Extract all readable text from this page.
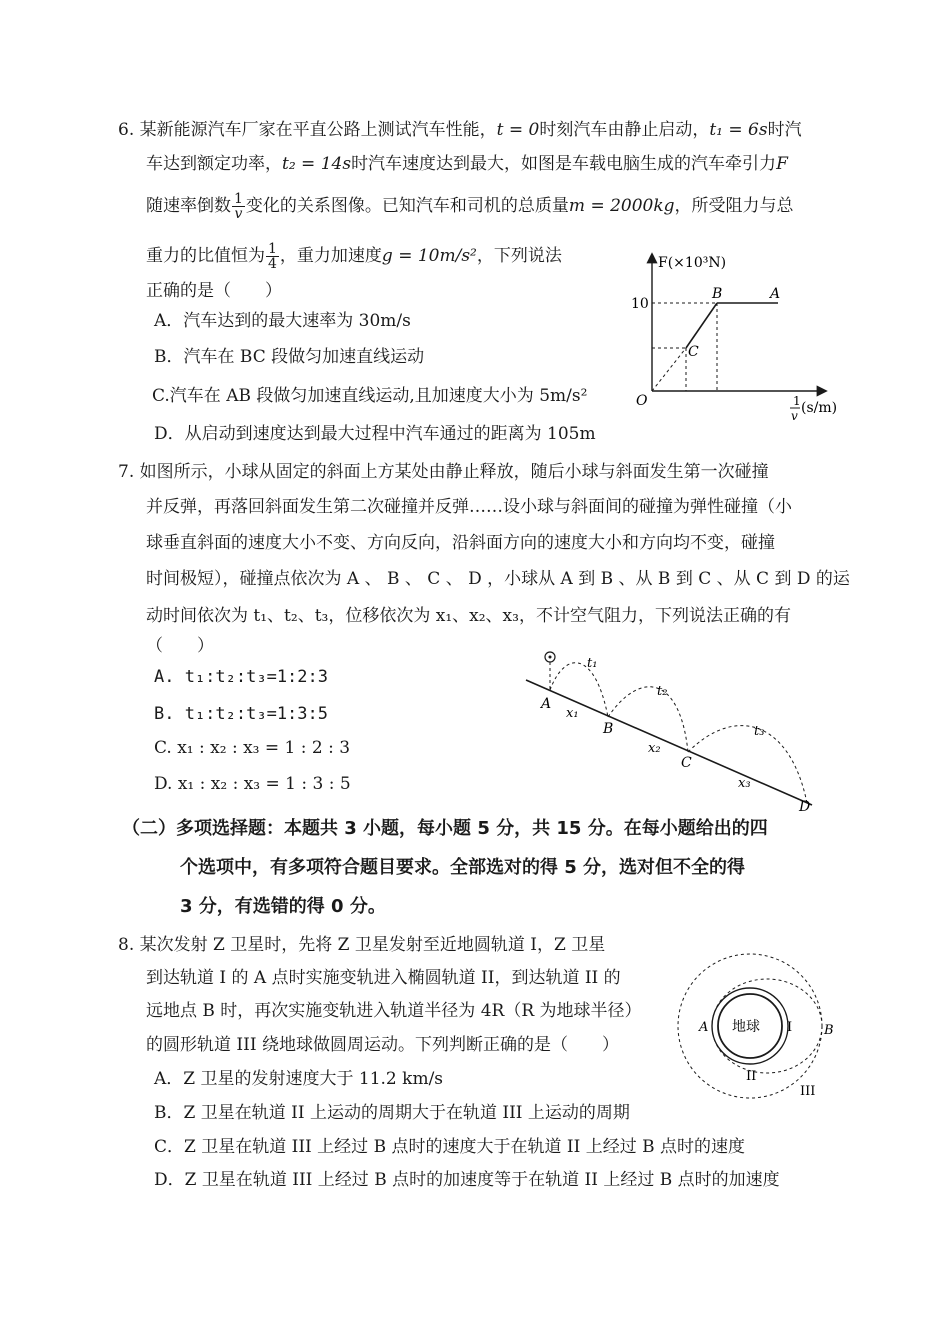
6. 某新能源汽车厂家在平直公路上测试汽车性能，t = 0时刻汽车由静止启动，t₁ = 6s时汽
车达到额定功率，t₂ = 14s时汽车速度达到最大，如图是车载电脑生成的汽车牵引力F
随速率倒数 $\frac{1}{v}$ 变化的关系图像。已知汽车和司机的总质量m = 2000kg，所受阻力与总
重力的比值恒为 $\frac{1}{4}$ ，重力加速度g = 10m/s²，下列说法
正确的是（　　）
A．汽车达到的最大速率为 30m/s
B．汽车在 BC 段做匀加速直线运动
C.汽车在 AB 段做匀加速直线运动,且加速度大小为 5m/s²
D．从启动到速度达到最大过程中汽车通过的距离为 105m
F(×10³N)
10
O
B	A
C
1
v (s/m)
7. 如图所示，小球从固定的斜面上方某处由静止释放，随后小球与斜面发生第一次碰撞
并反弹，再落回斜面发生第二次碰撞并反弹……设小球与斜面间的碰撞为弹性碰撞（小
球垂直斜面的速度大小不变、方向反向，沿斜面方向的速度大小和方向均不变，碰撞
时间极短），碰撞点依次为 A 、 B 、 C 、 D ，小球从 A 到 B 、从 B 到 C 、从 C 到 D 的运
动时间依次为 t₁、t₂、t₃，位移依次为 x₁、x₂、x₃，不计空气阻力，下列说法正确的有
（　　）
A. t₁:t₂:t₃=1:2:3
B. t₁:t₂:t₃=1:3:5
C. x₁ : x₂ : x₃ = 1 : 2 : 3
D. x₁ : x₂ : x₃ = 1 : 3 : 5
A
B
C
D
t₁
t₂
t₃
x₁
x₂
x₃
（二）多项选择题：本题共 3 小题，每小题 5 分，共 15 分。在每小题给出的四
个选项中，有多项符合题目要求。全部选对的得 5 分，选对但不全的得
3 分，有选错的得 0 分。
8. 某次发射 Z 卫星时，先将 Z 卫星发射至近地圆轨道 I，Z 卫星
到达轨道 I 的 A 点时实施变轨进入椭圆轨道 II，到达轨道 II 的
远地点 B 时，再次实施变轨进入轨道半径为 4R（R 为地球半径）
的圆形轨道 III 绕地球做圆周运动。下列判断正确的是（　　）
A．Z 卫星的发射速度大于 11.2 km/s
B．Z 卫星在轨道 II 上运动的周期大于在轨道 III 上运动的周期
C．Z 卫星在轨道 III 上经过 B 点时的速度大于在轨道 II 上经过 B 点时的速度
D．Z 卫星在轨道 III 上经过 B 点时的加速度等于在轨道 II 上经过 B 点时的加速度
地球
A	B
I
II
III
